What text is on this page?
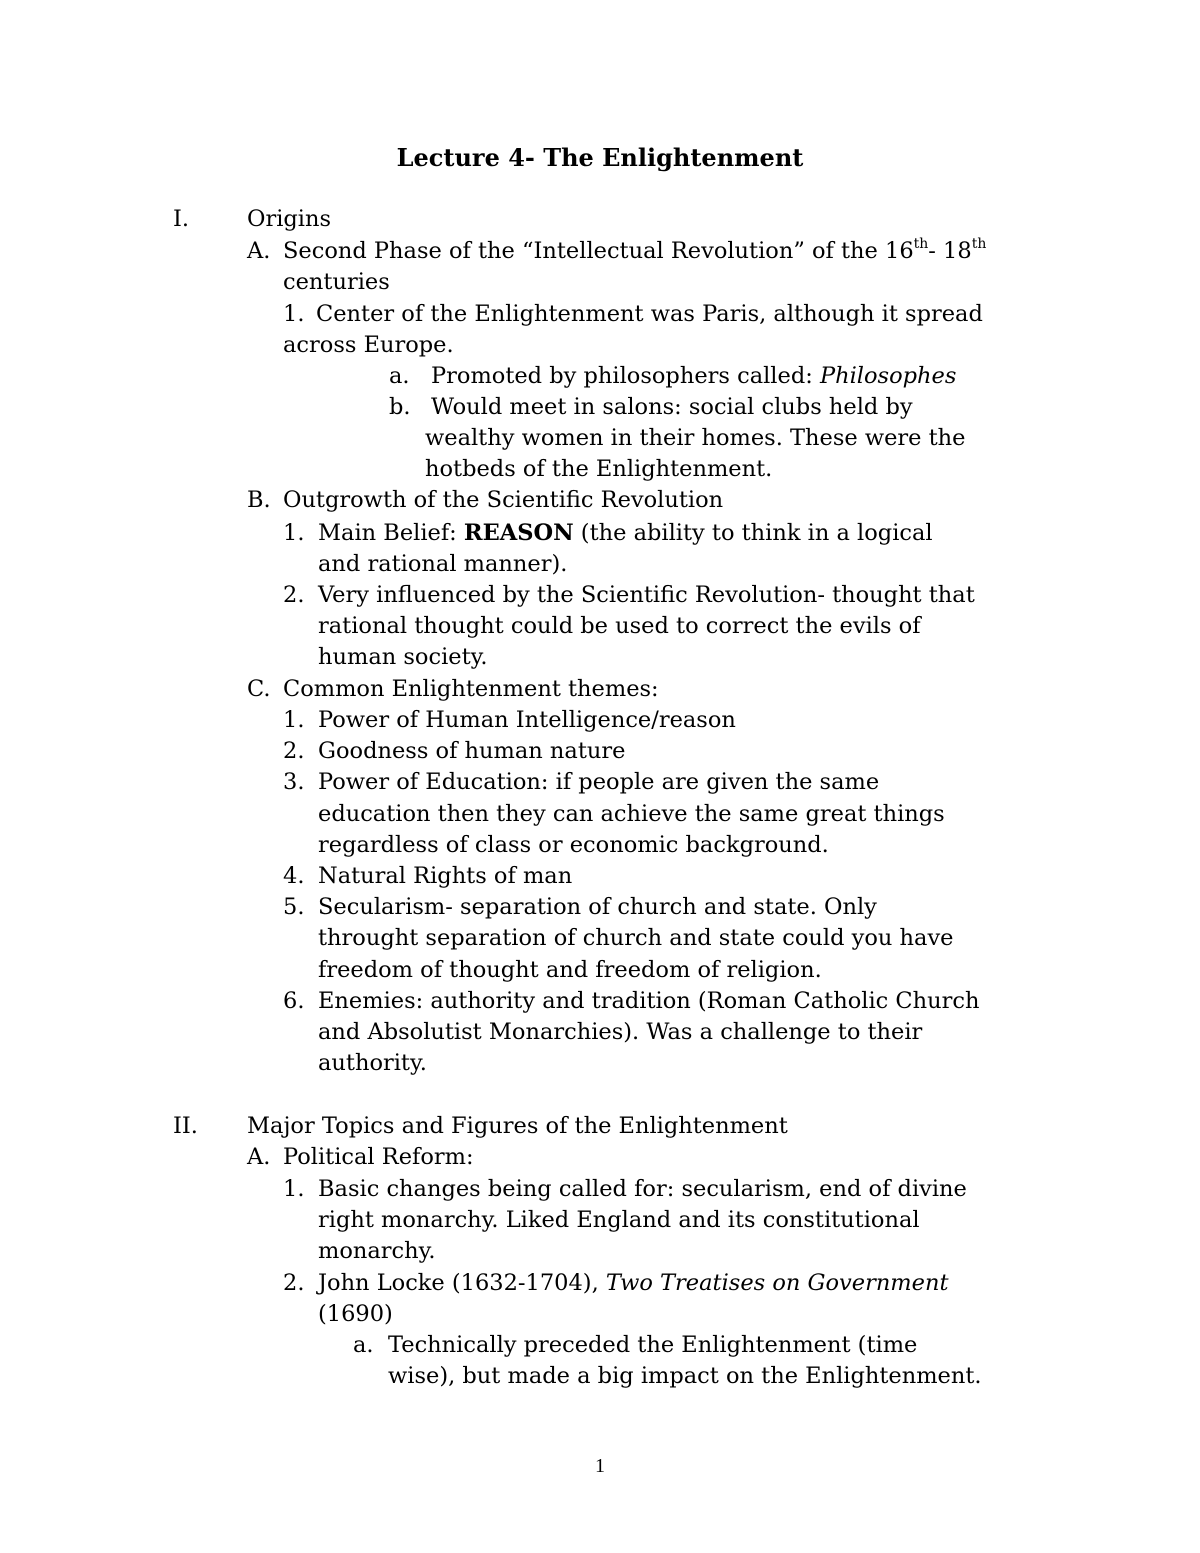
Lecture 4- The Enlightenment
I.	Origins
A. Second Phase of the “Intellectual Revolution” of the 16th- 18th
centuries
1. Center of the Enlightenment was Paris, although it spread
across Europe.
a. Promoted by philosophers called: Philosophes
b. Would meet in salons: social clubs held by
wealthy women in their homes. These were the
hotbeds of the Enlightenment.
B. Outgrowth of the Scientific Revolution
1. Main Belief: REASON (the ability to think in a logical
and rational manner).
2. Very influenced by the Scientific Revolution- thought that
rational thought could be used to correct the evils of
human society.
C. Common Enlightenment themes:
1. Power of Human Intelligence/reason
2. Goodness of human nature
3. Power of Education: if people are given the same
education then they can achieve the same great things
regardless of class or economic background.
4. Natural Rights of man
5. Secularism- separation of church and state. Only
throught separation of church and state could you have
freedom of thought and freedom of religion.
6. Enemies: authority and tradition (Roman Catholic Church
and Absolutist Monarchies). Was a challenge to their
authority.
II. Major Topics and Figures of the Enlightenment
A. Political Reform:
1. Basic changes being called for: secularism, end of divine
right monarchy. Liked England and its constitutional
monarchy.
2. John Locke (1632-1704), Two Treatises on Government
(1690)
a. Technically preceded the Enlightenment (time
wise), but made a big impact on the Enlightenment.
1
